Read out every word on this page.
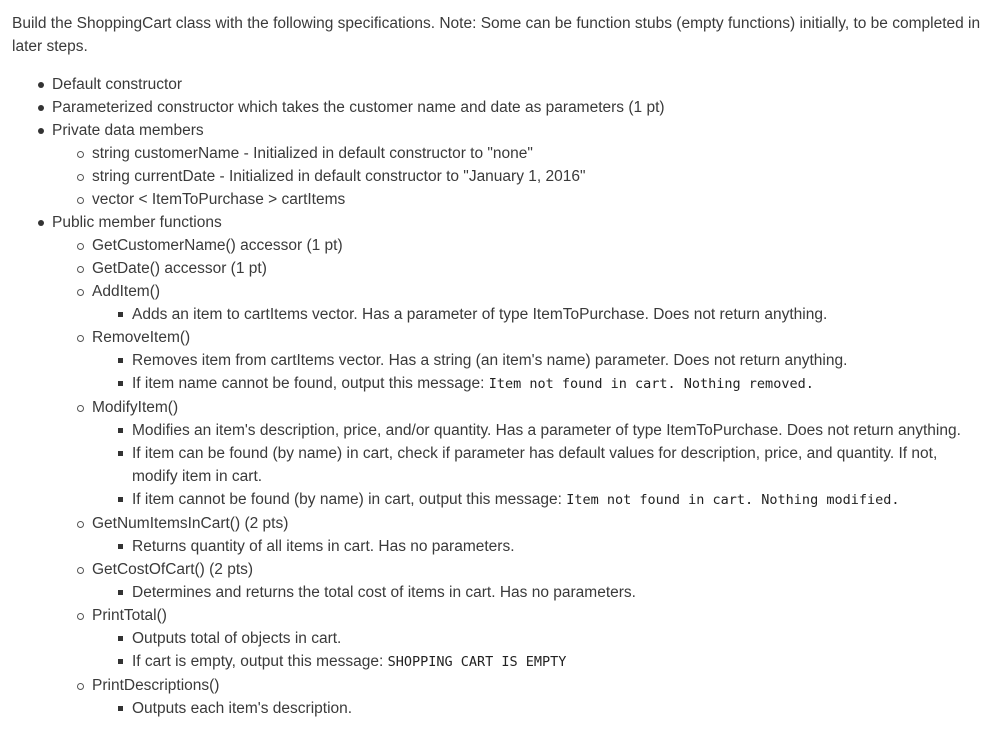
Build the ShoppingCart class with the following specifications. Note: Some can be function stubs (empty functions) initially, to be completed in later steps.

Default constructor
Parameterized constructor which takes the customer name and date as parameters (1 pt)
Private data members
string customerName - Initialized in default constructor to "none"
string currentDate - Initialized in default constructor to "January 1, 2016"
vector < ItemToPurchase > cartItems
Public member functions
GetCustomerName() accessor (1 pt)
GetDate() accessor (1 pt)
AddItem()
Adds an item to cartItems vector. Has a parameter of type ItemToPurchase. Does not return anything.
RemoveItem()
Removes item from cartItems vector. Has a string (an item's name) parameter. Does not return anything.
If item name cannot be found, output this message: Item not found in cart. Nothing removed.
ModifyItem()
Modifies an item's description, price, and/or quantity. Has a parameter of type ItemToPurchase. Does not return anything.
If item can be found (by name) in cart, check if parameter has default values for description, price, and quantity. If not, modify item in cart.
If item cannot be found (by name) in cart, output this message: Item not found in cart. Nothing modified.
GetNumItemsInCart() (2 pts)
Returns quantity of all items in cart. Has no parameters.
GetCostOfCart() (2 pts)
Determines and returns the total cost of items in cart. Has no parameters.
PrintTotal()
Outputs total of objects in cart.
If cart is empty, output this message: SHOPPING CART IS EMPTY
PrintDescriptions()
Outputs each item's description.
